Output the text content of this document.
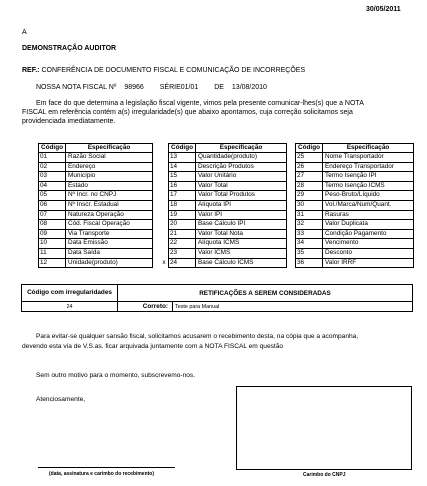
30/05/2011
A
DEMONSTRAÇÃO AUDITOR
REF.: CONFERÊNCIA DE DOCUMENTO FISCAL E COMUNICAÇÃO DE INCORREÇÕES
NOSSA NOTA FISCAL Nº 98966 SÉRIE01/01 DE 13/08/2010
Em face do que determina a legislação fiscal vigente, vimos pela presente comunicar-lhes(s) que a NOTA
FISCAL em referência contém a(s) irregularidade(s) que abaixo apontamos, cuja correção solicitamos seja
providenciada imediatamente.
	Código	Especificação
	01	Razão Social
	02	Endereço
	03	Município
	04	Estado
	05	Nº Incr. no CNPJ
	06	Nº Inscr. Estadual
	07	Natureza Operação
	08	Cód. Fiscal Operação
	09	Via Transporte
	10	Data Emissão
	11	Data Saída
	12	Unidade(produto)
	Código	Especificação
	13	Quantidade(produto)
	14	Descrição Produtos
	15	Valor Unitário
	16	Valor Total
	17	Valor Total Produtos
	18	Alíquota IPI
	19	Valor IPI
	20	Base Cálculo IPI
	21	Valor Total Nota
	22	Alíquota ICMS
	23	Valor ICMS
x	24	Base Cálculo ICMS
	Código	Especificação
	25	Nome Transportador
	26	Endereço Transportador
	27	Termo Isenção IPI
	28	Termo Isenção ICMS
	29	Peso-Bruto/Líquido
	30	Vol./Marca/Num/Quant.
	31	Rasuras
	32	Valor Duplicata
	33	Condição Pagamento
	34	Vencimento
	35	Desconto
	36	Valor IRRF
Código com irregularidades	RETIFICAÇÕES A SEREM CONSIDERADAS	
24	Correto:	Teste para Manual
Para evitar-se qualquer sansão fiscal, solicitamos acusarem o recebimento desta, na cópia que a acompanha,
devendo esta via de V.S.as. ficar arquivada juntamente com a NOTA FISCAL em questão
Sem outro motivo para o momento, subscrevemo-nos.
Atenciosamente,
(data, assinatura e carimbo do recebimento)	Carimbo do CNPJ
